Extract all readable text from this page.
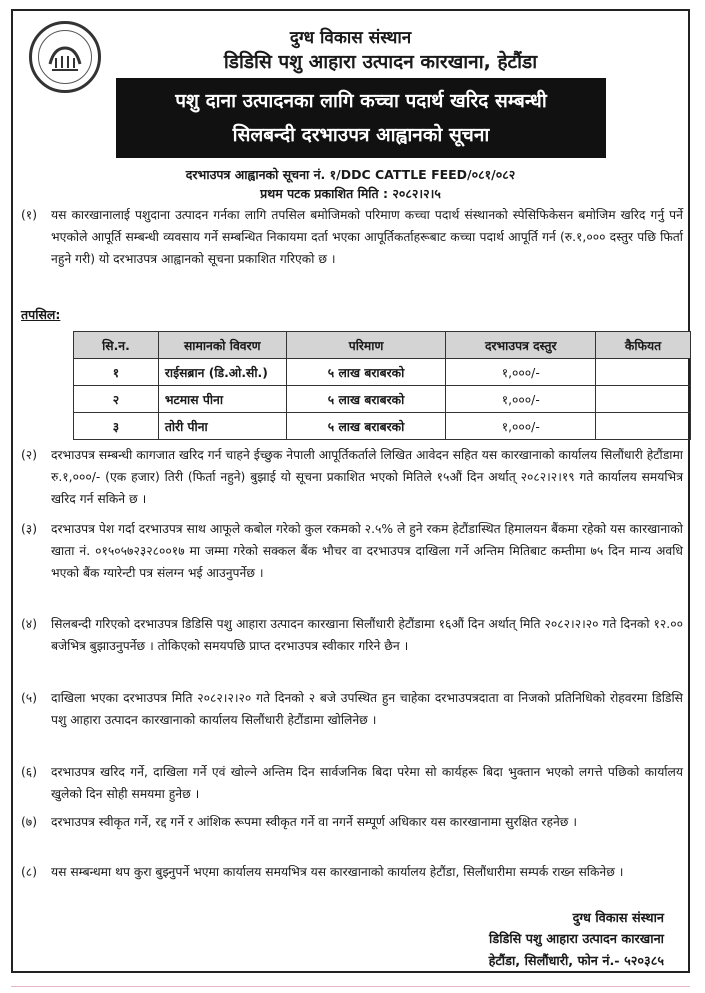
दुग्ध विकास संस्थान
डिडिसि पशु आहारा उत्पादन कारखाना, हेटौंडा
पशु दाना उत्पादनका लागि कच्चा पदार्थ खरिद सम्बन्धी
सिलबन्दी दरभाउपत्र आह्वानको सूचना
दरभाउपत्र आह्वानको सूचना नं. १/DDC CATTLE FEED/०८१/०८२
प्रथम पटक प्रकाशित मिति : २०८२।२।५
(१) यस कारखानालाई पशुदाना उत्पादन गर्नका लागि तपसिल बमोजिमको परिमाण कच्चा पदार्थ संस्थानको स्पेसिफिकेसन बमोजिम खरिद गर्नु पर्ने भएकोले आपूर्ति सम्बन्धी व्यवसाय गर्ने सम्बन्धित निकायमा दर्ता भएका आपूर्तिकर्ताहरूबाट कच्चा पदार्थ आपूर्ति गर्न (रु.१,००० दस्तुर पछि फिर्ता नहुने गरी) यो दरभाउपत्र आह्वानको सूचना प्रकाशित गरिएको छ ।
तपसिल:
सि.न.	सामानको विवरण	परिमाण	दरभाउपत्र दस्तुर	कैफियत
१	राईसब्रान (डि.ओ.सी.)	५ लाख बराबरको	१,०००/-	
२	भटमास पीना	५ लाख बराबरको	१,०००/-	
३	तोरी पीना	५ लाख बराबरको	१,०००/-	
(२) दरभाउपत्र सम्बन्धी कागजात खरिद गर्न चाहने ईच्छुक नेपाली आपूर्तिकर्ताले लिखित आवेदन सहित यस कारखानाको कार्यालय सिलौंधारी हेटौंडामा रु.१,०००/- (एक हजार) तिरी (फिर्ता नहुने) बुझाई यो सूचना प्रकाशित भएको मितिले १५औं दिन अर्थात् २०८२।२।१९ गते कार्यालय समयभित्र खरिद गर्न सकिने छ ।
(३) दरभाउपत्र पेश गर्दा दरभाउपत्र साथ आफूले कबोल गरेको कुल रकमको २.५% ले हुने रकम हेटौंडास्थित हिमालयन बैंकमा रहेको यस कारखानाको खाता नं. ०१५०५७२३२८००१७ मा जम्मा गरेको सक्कल बैंक भौचर वा दरभाउपत्र दाखिला गर्ने अन्तिम मितिबाट कम्तीमा ७५ दिन मान्य अवधि भएको बैंक ग्यारेन्टी पत्र संलग्न भई आउनुपर्नेछ ।
(४) सिलबन्दी गरिएको दरभाउपत्र डिडिसि पशु आहारा उत्पादन कारखाना सिलौंधारी हेटौंडामा १६औं दिन अर्थात् मिति २०८२।२।२० गते दिनको १२.०० बजेभित्र बुझाउनुपर्नेछ । तोकिएको समयपछि प्राप्त दरभाउपत्र स्वीकार गरिने छैन ।
(५) दाखिला भएका दरभाउपत्र मिति २०८२।२।२० गते दिनको २ बजे उपस्थित हुन चाहेका दरभाउपत्रदाता वा निजको प्रतिनिधिको रोहवरमा डिडिसि पशु आहारा उत्पादन कारखानाको कार्यालय सिलौंधारी हेटौंडामा खोलिनेछ ।
(६) दरभाउपत्र खरिद गर्ने, दाखिला गर्ने एवं खोल्ने अन्तिम दिन सार्वजनिक बिदा परेमा सो कार्यहरू बिदा भुक्तान भएको लगत्ते पछिको कार्यालय खुलेको दिन सोही समयमा हुनेछ ।
(७) दरभाउपत्र स्वीकृत गर्ने, रद्द गर्ने र आंशिक रूपमा स्वीकृत गर्ने वा नगर्ने सम्पूर्ण अधिकार यस कारखानामा सुरक्षित रहनेछ ।
(८) यस सम्बन्धमा थप कुरा बुझ्नुपर्ने भएमा कार्यालय समयभित्र यस कारखानाको कार्यालय हेटौंडा, सिलौंधारीमा सम्पर्क राख्न सकिनेछ ।
दुग्ध विकास संस्थान
डिडिसि पशु आहारा उत्पादन कारखाना
हेटौंडा, सिलौंधारी, फोन नं.- ५२०३८५
